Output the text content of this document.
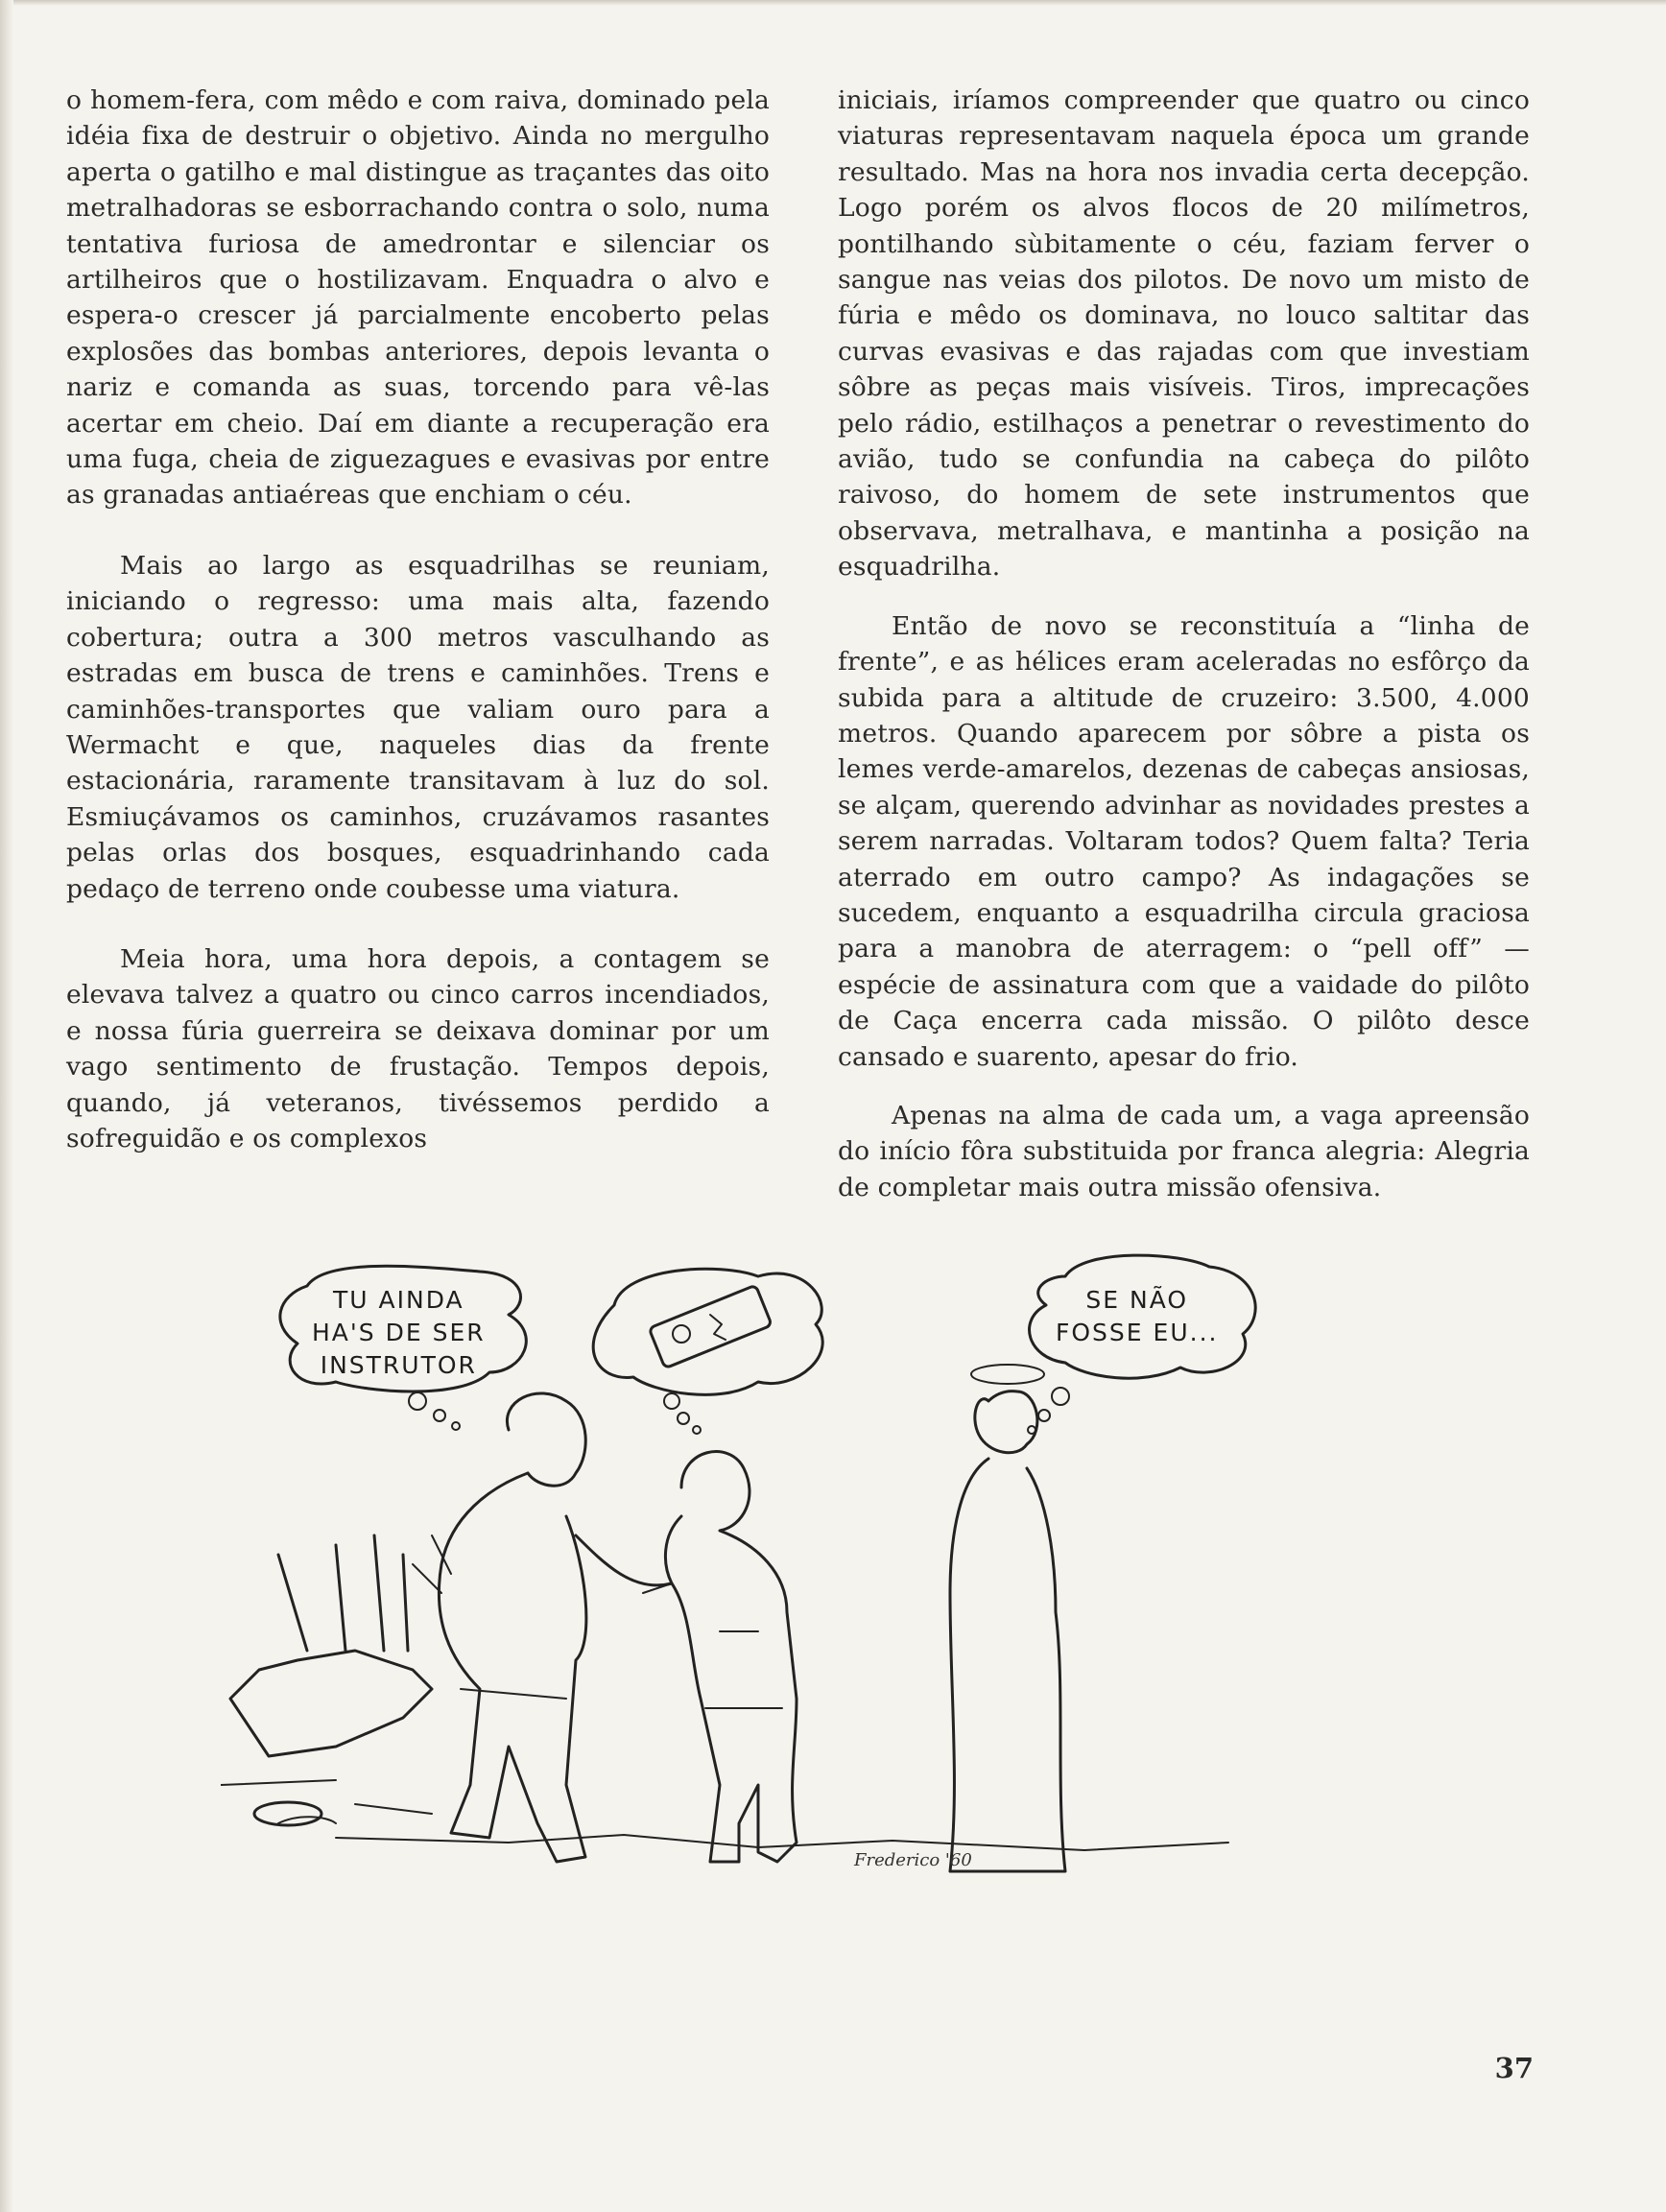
o homem-fera, com mêdo e com raiva, dominado pela idéia fixa de destruir o objetivo. Ainda no mergulho aperta o gatilho e mal distingue as traçantes das oito metralhadoras se esborrachando contra o solo, numa tentativa furiosa de amedrontar e silenciar os artilheiros que o hostilizavam. Enquadra o alvo e espera-o crescer já parcialmente encoberto pelas explosões das bombas anteriores, depois levanta o nariz e comanda as suas, torcendo para vê-las acertar em cheio. Daí em diante a recuperação era uma fuga, cheia de ziguezagues e evasivas por entre as granadas antiaéreas que enchiam o céu.

Mais ao largo as esquadrilhas se reuniam, iniciando o regresso: uma mais alta, fazendo cobertura; outra a 300 metros vasculhando as estradas em busca de trens e caminhões. Trens e caminhões-transportes que valiam ouro para a Wermacht e que, naqueles dias da frente estacionária, raramente transitavam à luz do sol. Esmiuçávamos os caminhos, cruzávamos rasantes pelas orlas dos bosques, esquadrinhando cada pedaço de terreno onde coubesse uma viatura.

Meia hora, uma hora depois, a contagem se elevava talvez a quatro ou cinco carros incendiados, e nossa fúria guerreira se deixava dominar por um vago sentimento de frustação. Tempos depois, quando, já veteranos, tivéssemos perdido a sofreguidão e os complexos

iniciais, iríamos compreender que quatro ou cinco viaturas representavam naquela época um grande resultado. Mas na hora nos invadia certa decepção. Logo porém os alvos flocos de 20 milímetros, pontilhando sùbitamente o céu, faziam ferver o sangue nas veias dos pilotos. De novo um misto de fúria e mêdo os dominava, no louco saltitar das curvas evasivas e das rajadas com que investiam sôbre as peças mais visíveis. Tiros, imprecações pelo rádio, estilhaços a penetrar o revestimento do avião, tudo se confundia na cabeça do pilôto raivoso, do homem de sete instrumentos que observava, metralhava, e mantinha a posição na esquadrilha.

Então de novo se reconstituía a “linha de frente”, e as hélices eram aceleradas no esfôrço da subida para a altitude de cruzeiro: 3.500, 4.000 metros. Quando aparecem por sôbre a pista os lemes verde-amarelos, dezenas de cabeças ansiosas, se alçam, querendo advinhar as novidades prestes a serem narradas. Voltaram todos? Quem falta? Teria aterrado em outro campo? As indagações se sucedem, enquanto a esquadrilha circula graciosa para a manobra de aterragem: o “pell off” — espécie de assinatura com que a vaidade do pilôto de Caça encerra cada missão. O pilôto desce cansado e suarento, apesar do frio.

Apenas na alma de cada um, a vaga apreensão do início fôra substituida por franca alegria: Alegria de completar mais outra missão ofensiva.

TU AINDA
HA'S DE SER
INSTRUTOR
SE NÃO
FOSSE EU...
Frederico '60
37
